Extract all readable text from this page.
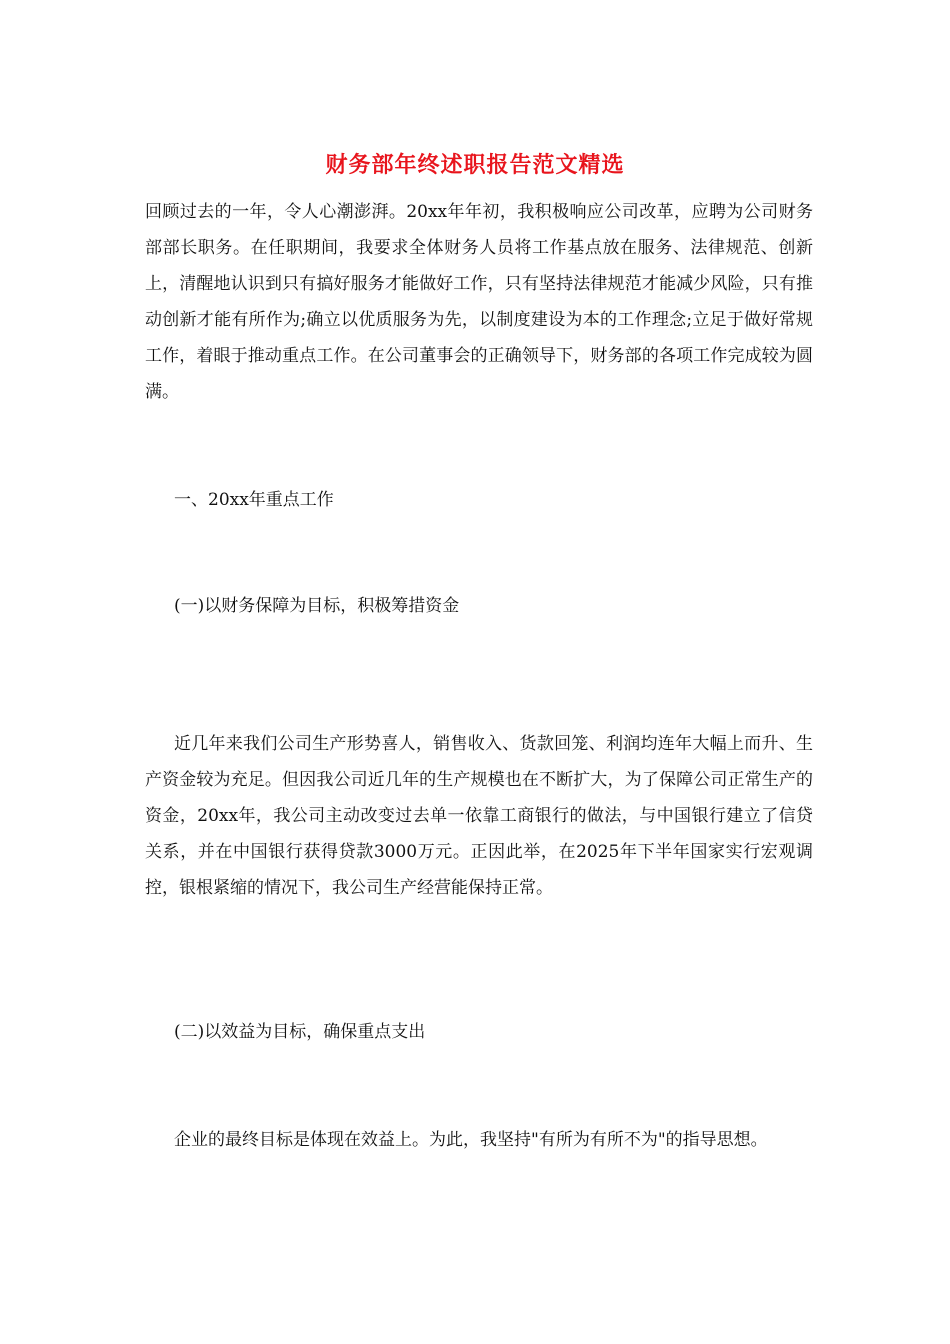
财务部年终述职报告范文精选

回顾过去的一年，令人心潮澎湃。20xx年年初，我积极响应公司改革，应聘为公司财务部部长职务。在任职期间，我要求全体财务人员将工作基点放在服务、法律规范、创新上，清醒地认识到只有搞好服务才能做好工作，只有坚持法律规范才能减少风险，只有推动创新才能有所作为;确立以优质服务为先，以制度建设为本的工作理念;立足于做好常规工作，着眼于推动重点工作。在公司董事会的正确领导下，财务部的各项工作完成较为圆满。

一、20xx年重点工作

(一)以财务保障为目标，积极筹措资金

近几年来我们公司生产形势喜人，销售收入、货款回笼、利润均连年大幅上而升、生产资金较为充足。但因我公司近几年的生产规模也在不断扩大，为了保障公司正常生产的资金，20xx年，我公司主动改变过去单一依靠工商银行的做法，与中国银行建立了信贷关系，并在中国银行获得贷款3000万元。正因此举，在2025年下半年国家实行宏观调控，银根紧缩的情况下，我公司生产经营能保持正常。

(二)以效益为目标，确保重点支出

企业的最终目标是体现在效益上。为此，我坚持"有所为有所不为"的指导思想。
